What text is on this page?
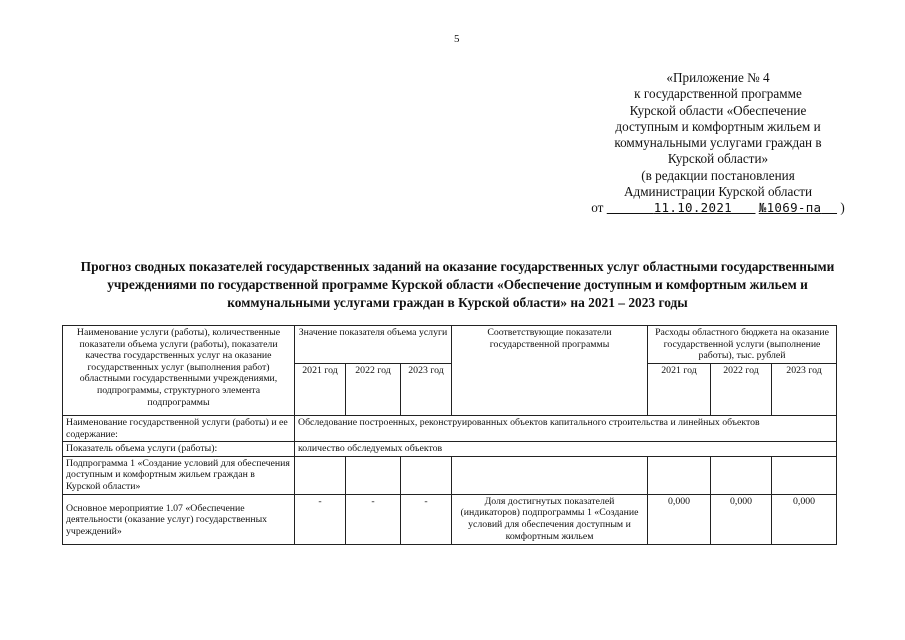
5
«Приложение № 4
к государственной программе
Курской области «Обеспечение
доступным и комфортным жильем и
коммунальными услугами граждан в
Курской области»
(в редакции постановления
Администрации Курской области
от	11.10.2021 №1069-па )
Прогноз сводных показателей государственных заданий на оказание государственных услуг областными государственными учреждениями по государственной программе Курской области «Обеспечение доступным и комфортным жильем и коммунальными услугами граждан в Курской области» на 2021 – 2023 годы
Наименование услуги (работы), количественные показатели объема услуги (работы), показатели качества государственных услуг на оказание государственных услуг (выполнения работ) областными государственными учреждениями, подпрограммы, структурного элемента подпрограммы	Значение показателя объема услуги			Соответствующие показатели государственной программы	Расходы областного бюджета на оказание государственной услуги (выполнение работы), тыс. рублей		
	2021 год	2022 год	2023 год		2021 год	2022 год	2023 год
Наименование государственной услуги (работы) и ее содержание:	Обследование построенных, реконструированных объектов капитального строительства и линейных объектов						
Показатель объема услуги (работы):	количество обследуемых объектов						
Подпрограмма 1 «Создание условий для обеспечения доступным и комфортным жильем граждан в Курской области»							
Основное мероприятие 1.07 «Обеспечение деятельности (оказание услуг) государственных учреждений»	-	-	-	Доля достигнутых показателей (индикаторов) подпрограммы 1 «Создание условий для обеспечения доступным и комфортным жильем	0,000	0,000	0,000
